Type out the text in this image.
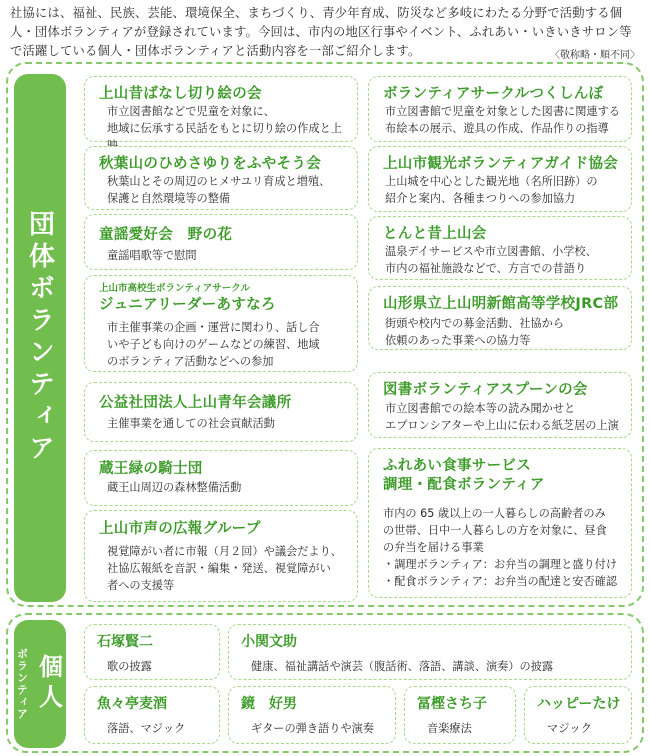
社協には、福祉、民族、芸能、環境保全、まちづくり、青少年育成、防災など多岐にわたる分野で活動する個人・団体ボランティアが登録されています。今回は、市内の地区行事やイベント、ふれあい・いきいきサロン等で活躍している個人・団体ボランティアと活動内容を一部ご紹介します。	〈敬称略・順不同〉
団体ボランティア
上山昔ばなし切り絵の会
市立図書館などで児童を対象に、
地域に伝承する民話をもとに切り絵の作成と上
秋葉山のひめさゆりをふやそう会
秋葉山とその周辺のヒメサユリ育成と増殖、
保護と自然環境等の整備
童謡愛好会　野の花
童謡唱歌等で慰問
上山市高校生ボランティアサークル
ジュニアリーダーあすなろ
市主催事業の企画・運営に関わり、話し合
いや子ども向けのゲームなどの練習、地域
のボランティア活動などへの参加
公益社団法人上山青年会議所
主催事業を通しての社会貢献活動
蔵王緑の騎士団
蔵王山周辺の森林整備活動
上山市声の広報グループ
視覚障がい者に市報（月２回）や議会だより、
社協広報紙を音訳・編集・発送、視覚障がい
者への支援等
ボランティアサークルつくしんぼ
市立図書館で児童を対象とした図書に関連する
布絵本の展示、遊具の作成、作品作りの指導
上山市観光ボランティアガイド協会
上山城を中心とした観光地（名所旧跡）の
紹介と案内、各種まつりへの参加協力
とんと昔上山会
温泉デイサービスや市立図書館、小学校、
市内の福祉施設などで、方言での昔語り
山形県立上山明新館高等学校JRC部
街頭や校内での募金活動、社協から
依頼のあった事業への協力等
図書ボランティアスプーンの会
市立図書館での絵本等の読み聞かせと
エプロンシアターや上山に伝わる紙芝居の上演
ふれあい食事サービス
調理・配食ボランティア
市内の 65 歳以上の一人暮らしの高齢者のみ
の世帯、日中一人暮らしの方を対象に、昼食
の弁当を届ける事業
・調理ボランティア：お弁当の調理と盛り付け
・配食ボランティア：お弁当の配達と安否確認
ボランティア 個人
石塚賢二
歌の披露
小関文助
健康、福祉講話や演芸（腹話術、落語、講談、演奏）の披露
魚々亭麦酒
落語、マジック
鏡　好男
ギターの弾き語りや演奏
冨樫さち子
音楽療法
ハッピーたけ
マジック
